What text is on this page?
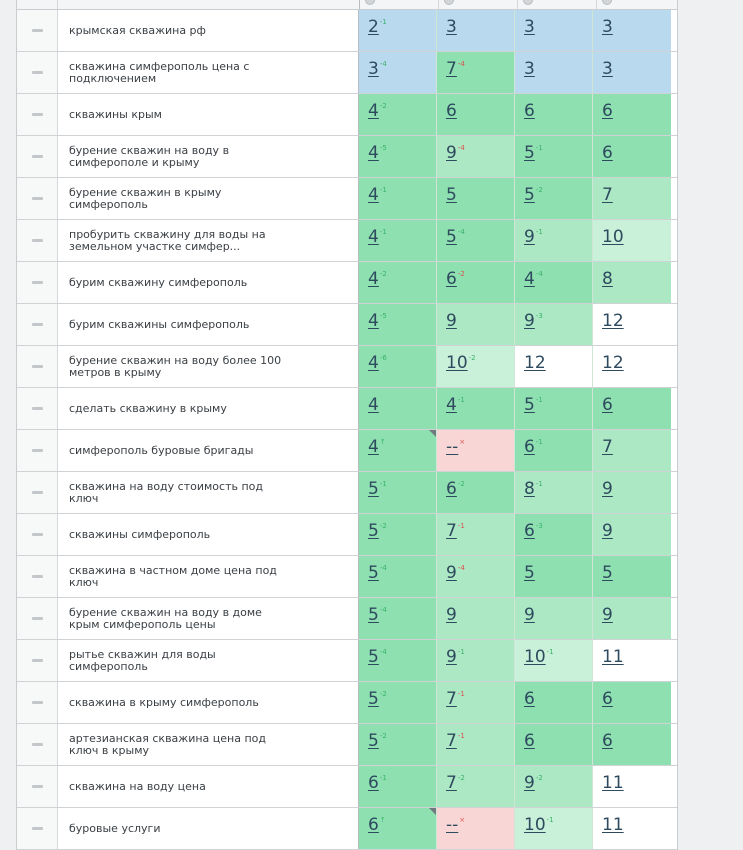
крымская скважина рф	$2^{-1}$	3	3	3
скважина симферополь цена с подключением	$3^{-4}$	$7^{-4}$	3	3
скважины крым	$4^{-2}$	6	6	6
бурение скважин на воду в симферополе и крыму	$4^{-5}$	$9^{-4}$	$5^{-1}$	6
бурение скважин в крыму симферополь	$4^{-1}$	5	$5^{-2}$	7
пробурить скважину для воды на земельном участке симфер...	$4^{-1}$	$5^{-4}$	$9^{-1}$	10
бурим скважину симферополь	$4^{-2}$	$6^{-2}$	$4^{-4}$	8
бурим скважины симферополь	$4^{-5}$	9	$9^{-3}$	12
бурение скважин на воду более 100 метров в крыму	$4^{-6}$	$10^{-2}$	12	12
сделать скважину в крыму	4	$4^{-1}$	$5^{-1}$	6
симферополь буровые бригады	4↑	--×	$6^{-1}$	7
скважина на воду стоимость под ключ	$5^{-1}$	$6^{-2}$	$8^{-1}$	9
скважины симферополь	$5^{-2}$	$7^{-1}$	$6^{-3}$	9
скважина в частном доме цена под ключ	$5^{-4}$	$9^{-4}$	5	5
бурение скважин на воду в доме крым симферополь цены	$5^{-4}$	9	9	9
рытье скважин для воды симферополь	$5^{-4}$	$9^{-1}$	$10^{-1}$	11
скважина в крыму симферополь	$5^{-2}$	$7^{-1}$	6	6
артезианская скважина цена под ключ в крыму	$5^{-2}$	$7^{-1}$	6	6
скважина на воду цена	$6^{-1}$	$7^{-2}$	$9^{-2}$	11
буровые услуги	6↑	--×	$10^{-1}$	11
